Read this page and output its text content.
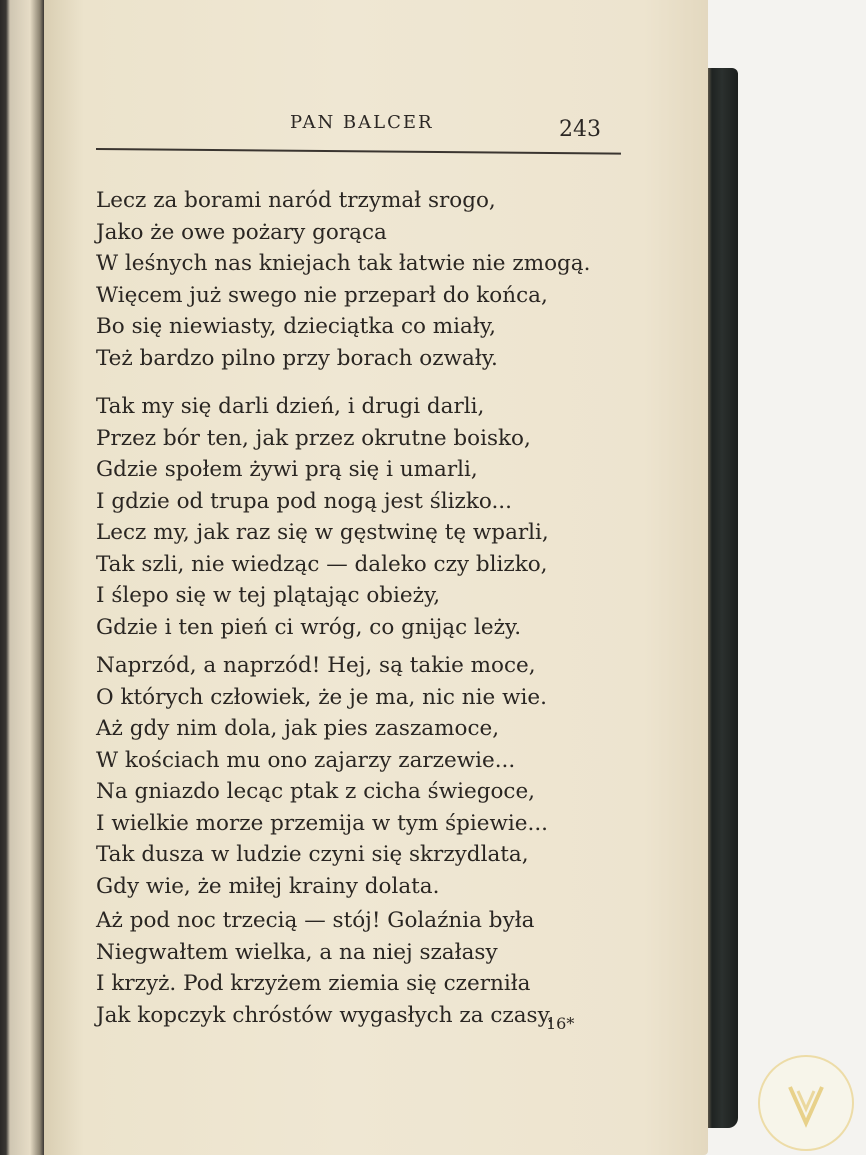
PAN BALCER	243
Lecz za borami naród trzymał srogo,
Jako że owe pożary gorąca
W leśnych nas kniejach tak łatwie nie zmogą.
Więcem już swego nie przeparł do końca,
Bo się niewiasty, dzieciątka co miały,
Też bardzo pilno przy borach ozwały.
Tak my się darli dzień, i drugi darli,
Przez bór ten, jak przez okrutne boisko,
Gdzie społem żywi prą się i umarli,
I gdzie od trupa pod nogą jest ślizko...
Lecz my, jak raz się w gęstwinę tę wparli,
Tak szli, nie wiedząc — daleko czy blizko,
I ślepo się w tej plątając obieży,
Gdzie i ten pień ci wróg, co gnijąc leży.
Naprzód, a naprzód! Hej, są takie moce,
O których człowiek, że je ma, nic nie wie.
Aż gdy nim dola, jak pies zaszamoce,
W kościach mu ono zajarzy zarzewie...
Na gniazdo lecąc ptak z cicha świegoce,
I wielkie morze przemija w tym śpiewie...
Tak dusza w ludzie czyni się skrzydlata,
Gdy wie, że miłej krainy dolata.
Aż pod noc trzecią — stój! Golaźnia była
Niegwałtem wielka, a na niej szałasy
I krzyż. Pod krzyżem ziemia się czerniła
Jak kopczyk chróstów wygasłych za czasy.
16*
